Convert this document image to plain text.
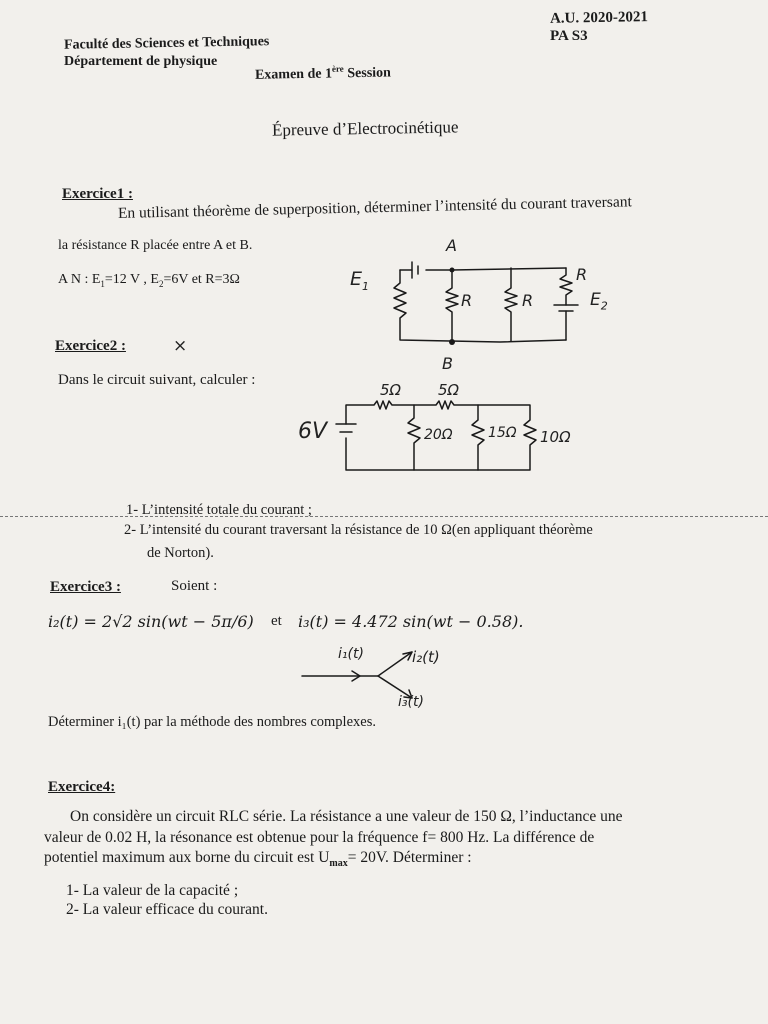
A.U. 2020-2021
PA S3
Faculté des Sciences et Techniques
Département de physique
Examen de 1ère Session
Épreuve d’Electrocinétique
Exercice1 :
En utilisant théorème de superposition, déterminer l’intensité du courant traversant
la résistance R placée entre A et B.
A N : $E_1=12$ V , $E_2=6V$ et R=3Ω
A
B
$E_1$
R	R
R
$E_2$
Exercice2 :	×
Dans le circuit suivant, calculer :
6V
5Ω 5Ω
20Ω	15Ω 10Ω
1- L’intensité totale du courant ;
2- L’intensité du courant traversant la résistance de 10 Ω(en appliquant théorème
de Norton).
Exercice3 :	Soient :
i₂(t) = 2√2 sin(wt − 5π/6) et i₃(t) = 4.472 sin(wt − 0.58).
i₁(t)	i₂(t)
i₃(t)
Déterminer i₁(t) par la méthode des nombres complexes.
Exercice4:
On considère un circuit RLC série. La résistance a une valeur de 150 Ω, l’inductance une
valeur de 0.02 H, la résonance est obtenue pour la fréquence f= 800 Hz. La différence de
potentiel maximum aux borne du circuit est $U_{max}= 20V$. Déterminer :
1- La valeur de la capacité ;
2- La valeur efficace du courant.
